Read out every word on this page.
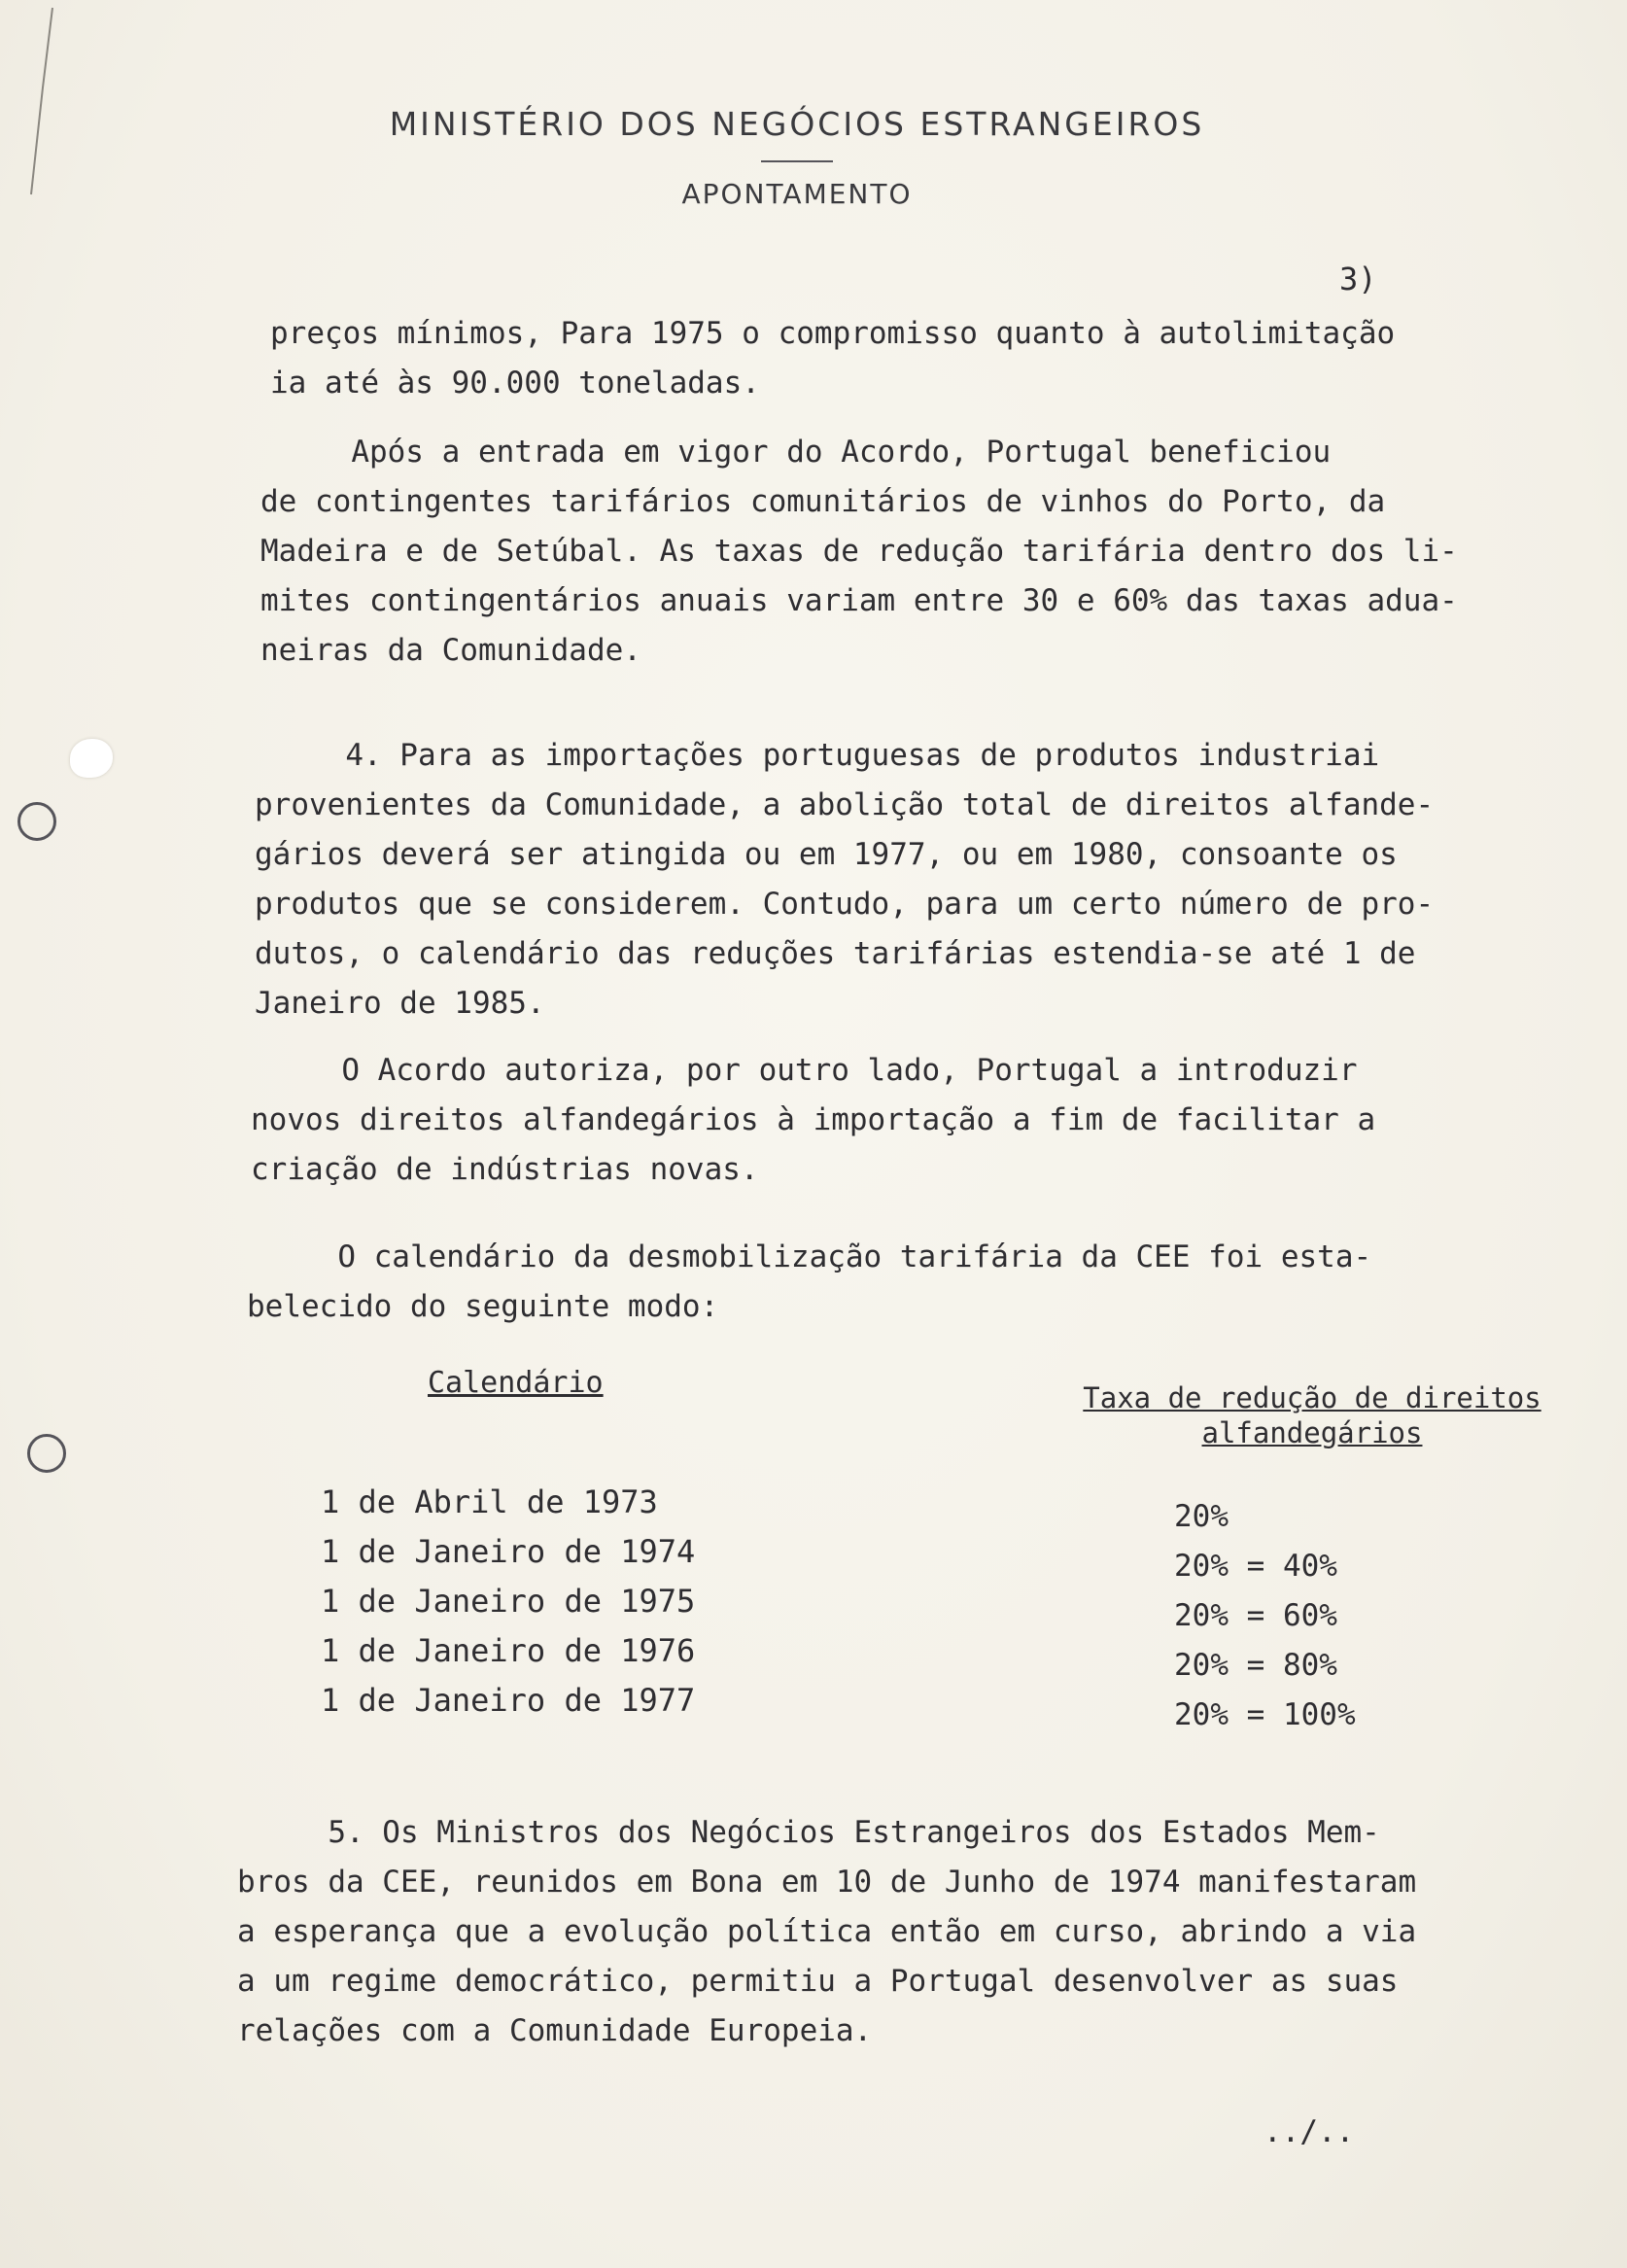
MINISTÉRIO DOS NEGÓCIOS ESTRANGEIROS
APONTAMENTO
3)
preços mínimos, Para 1975 o compromisso quanto à autolimitação
ia até às 90.000 toneladas.
Após a entrada em vigor do Acordo, Portugal beneficiou
de contingentes tarifários comunitários de vinhos do Porto, da
Madeira e de Setúbal. As taxas de redução tarifária dentro dos li-
mites contingentários anuais variam entre 30 e 60% das taxas adua-
neiras da Comunidade.
4. Para as importações portuguesas de produtos industriai
provenientes da Comunidade, a abolição total de direitos alfande-
gários deverá ser atingida ou em 1977, ou em 1980, consoante os
produtos que se considerem. Contudo, para um certo número de pro-
dutos, o calendário das reduções tarifárias estendia-se até 1 de
Janeiro de 1985.
O Acordo autoriza, por outro lado, Portugal a introduzir
novos direitos alfandegários à importação a fim de facilitar a
criação de indústrias novas.
O calendário da desmobilização tarifária da CEE foi esta-
belecido do seguinte modo:
Calendário	Taxa de redução de direitos
alfandegários
1 de Abril de 1973
1 de Janeiro de 1974
1 de Janeiro de 1975
1 de Janeiro de 1976
1 de Janeiro de 1977
20%
20% = 40%
20% = 60%
20% = 80%
20% = 100%
5. Os Ministros dos Negócios Estrangeiros dos Estados Mem-
bros da CEE, reunidos em Bona em 10 de Junho de 1974 manifestaram
a esperança que a evolução política então em curso, abrindo a via
a um regime democrático, permitiu a Portugal desenvolver as suas
relações com a Comunidade Europeia.
../..
